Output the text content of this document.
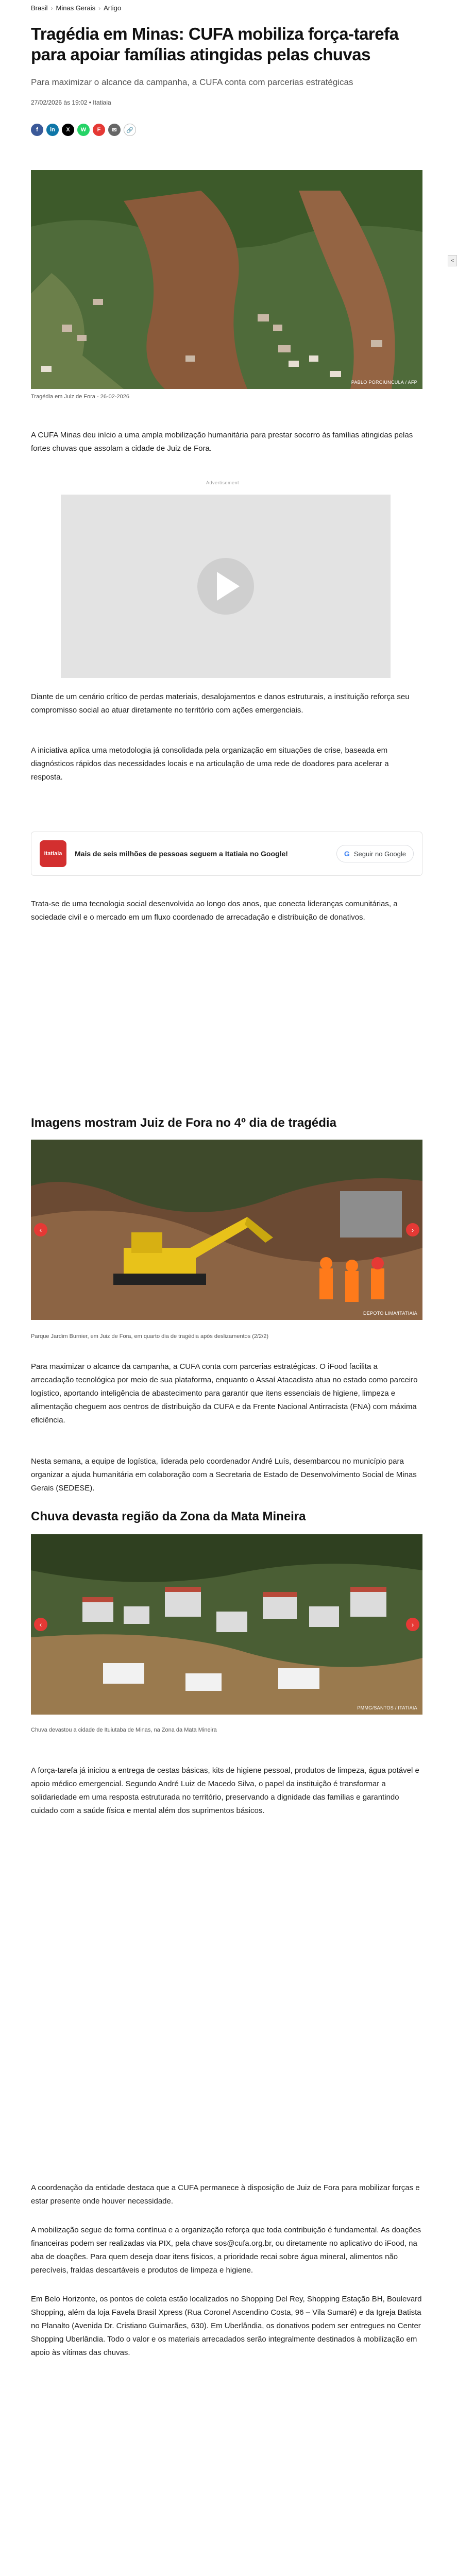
Brasil › Minas Gerais › Artigo
Tragédia em Minas: CUFA mobiliza força-tarefa para apoiar famílias atingidas pelas chuvas

Para maximizar o alcance da campanha, a CUFA conta com parcerias estratégicas

27/02/2026 às 19:02 • Itatiaia
f	in	X	W	F	✉	🔗
<
PABLO PORCIUNCULA / AFP
Tragédia em Juiz de Fora - 26-02-2026

A CUFA Minas deu início a uma ampla mobilização humanitária para prestar socorro às famílias atingidas pelas fortes chuvas que assolam a cidade de Juiz de Fora.

Advertisement

Diante de um cenário crítico de perdas materiais, desalojamentos e danos estruturais, a instituição reforça seu compromisso social ao atuar diretamente no território com ações emergenciais.

A iniciativa aplica uma metodologia já consolidada pela organização em situações de crise, baseada em diagnósticos rápidos das necessidades locais e na articulação de uma rede de doadores para acelerar a resposta.

Itatiaia	Mais de seis milhões de pessoas seguem a Itatiaia no Google!	G Seguir no Google

Trata-se de uma tecnologia social desenvolvida ao longo dos anos, que conecta lideranças comunitárias, a sociedade civil e o mercado em um fluxo coordenado de arrecadação e distribuição de donativos.

Imagens mostram Juiz de Fora no 4º dia de tragédia
‹	›
DEPOTO LIMA/ITATIAIA
Parque Jardim Burnier, em Juiz de Fora, em quarto dia de tragédia após deslizamentos (2/2/2)

Para maximizar o alcance da campanha, a CUFA conta com parcerias estratégicas. O iFood facilita a arrecadação tecnológica por meio de sua plataforma, enquanto o Assaí Atacadista atua no estado como parceiro logístico, aportando inteligência de abastecimento para garantir que itens essenciais de higiene, limpeza e alimentação cheguem aos centros de distribuição da CUFA e da Frente Nacional Antirracista (FNA) com máxima eficiência.

Nesta semana, a equipe de logística, liderada pelo coordenador André Luís, desembarcou no município para organizar a ajuda humanitária em colaboração com a Secretaria de Estado de Desenvolvimento Social de Minas Gerais (SEDESE).

Chuva devasta região da Zona da Mata Mineira
‹	›
PMMG/SANTOS / ITATIAIA
Chuva devastou a cidade de Ituiutaba de Minas, na Zona da Mata Mineira

A força-tarefa já iniciou a entrega de cestas básicas, kits de higiene pessoal, produtos de limpeza, água potável e apoio médico emergencial. Segundo André Luiz de Macedo Silva, o papel da instituição é transformar a solidariedade em uma resposta estruturada no território, preservando a dignidade das famílias e garantindo cuidado com a saúde física e mental além dos suprimentos básicos.

A coordenação da entidade destaca que a CUFA permanece à disposição de Juiz de Fora para mobilizar forças e estar presente onde houver necessidade.

A mobilização segue de forma contínua e a organização reforça que toda contribuição é fundamental. As doações financeiras podem ser realizadas via PIX, pela chave sos@cufa.org.br, ou diretamente no aplicativo do iFood, na aba de doações. Para quem deseja doar itens físicos, a prioridade recai sobre água mineral, alimentos não perecíveis, fraldas descartáveis e produtos de limpeza e higiene.

Em Belo Horizonte, os pontos de coleta estão localizados no Shopping Del Rey, Shopping Estação BH, Boulevard Shopping, além da loja Favela Brasil Xpress (Rua Coronel Ascendino Costa, 96 – Vila Sumaré) e da Igreja Batista no Planalto (Avenida Dr. Cristiano Guimarães, 630). Em Uberlândia, os donativos podem ser entregues no Center Shopping Uberlândia. Todo o valor e os materiais arrecadados serão integralmente destinados à mobilização em apoio às vítimas das chuvas.
